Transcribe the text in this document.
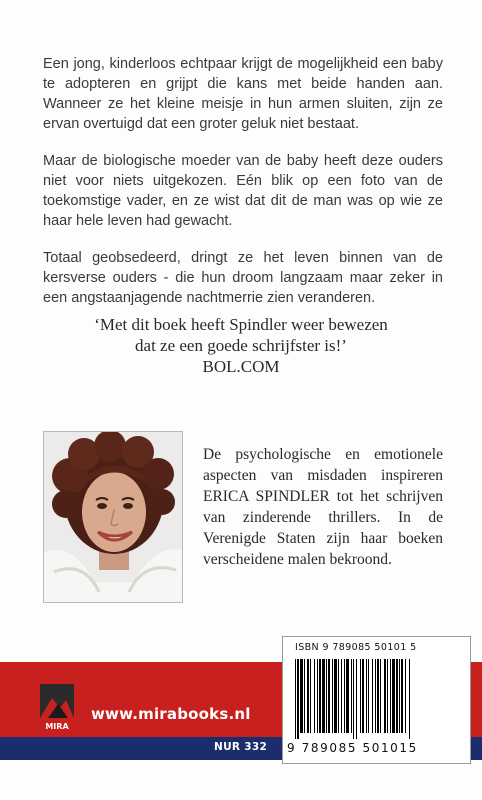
Een jong, kinderloos echtpaar krijgt de mogelijkheid een baby te adopteren en grijpt die kans met beide handen aan. Wanneer ze het kleine meisje in hun armen sluiten, zijn ze ervan overtuigd dat een groter geluk niet bestaat.

Maar de biologische moeder van de baby heeft deze ouders niet voor niets uitgekozen. Eén blik op een foto van de toekomstige vader, en ze wist dat dit de man was op wie ze haar hele leven had gewacht.

Totaal geobsedeerd, dringt ze het leven binnen van de kersverse ouders - die hun droom langzaam maar zeker in een angstaanjagende nachtmerrie zien veranderen.

‘Met dit boek heeft Spindler weer bewezen
dat ze een goede schrijfster is!’
BOL.COM

De psychologische en emotionele aspecten van misdaden inspireren ERICA SPINDLER tot het schrijven van zinderende thrillers. In de Verenigde Staten zijn haar boeken verscheidene malen bekroond.

MIRA
www.mirabooks.nl
NUR 332
ISBN 9 789085 50101 5
9 789085 501015
